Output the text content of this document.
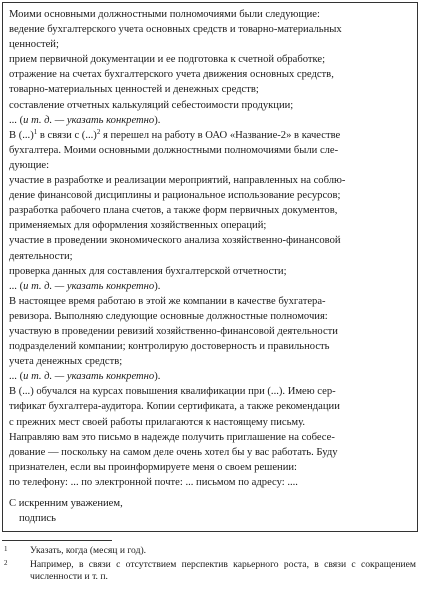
Моими основными должностными полномочиями были следующие:

ведение бухгалтерского учета основных средств и товарно-материальных

ценностей;

прием первичной документации и ее подготовка к счетной обработке;

отражение на счетах бухгалтерского учета движения основных средств,

товарно-материальных ценностей и денежных средств;

составление отчетных калькуляций себестоимости продукции;

... (и т. д. — указать конкретно).

В (...)$^1$ в связи с (...)$^2$ я перешел на работу в ОАО «Название-2» в качестве

бухгалтера. Моими основными должностными полномочиями были сле-

дующие:

участие в разработке и реализации мероприятий, направленных на соблю-

дение финансовой дисциплины и рациональное использование ресурсов;

разработка рабочего плана счетов, а также форм первичных документов,

применяемых для оформления хозяйственных операций;

участие в проведении экономического анализа хозяйственно-финансовой

деятельности;

проверка данных для составления бухгалтерской отчетности;

... (и т. д. — указать конкретно).

В настоящее время работаю в этой же компании в качестве бухгатера-

ревизора. Выполняю следующие основные должностные полномочия:

участвую в проведении ревизий хозяйственно-финансовой деятельности

подразделений компании; контролирую достоверность и правильность

учета денежных средств;

... (и т. д. — указать конкретно).

В (...) обучался на курсах повышения квалификации при (...). Имею сер-

тификат бухгалтера-аудитора. Копии сертификата, а также рекомендации

с прежних мест своей работы прилагаются к настоящему письму.

Направляю вам это письмо в надежде получить приглашение на собесе-

дование — поскольку на самом деле очень хотел бы у вас работать. Буду

признателен, если вы проинформируете меня о своем решении:

по телефону: ... по электронной почте: ... письмом по адресу: ....

С искренним уважением,

подпись

1 Указать, когда (месяц и год).
2 Например, в связи с отсутствием перспектив карьерного роста, в связи с сокращением численности и т. п.
